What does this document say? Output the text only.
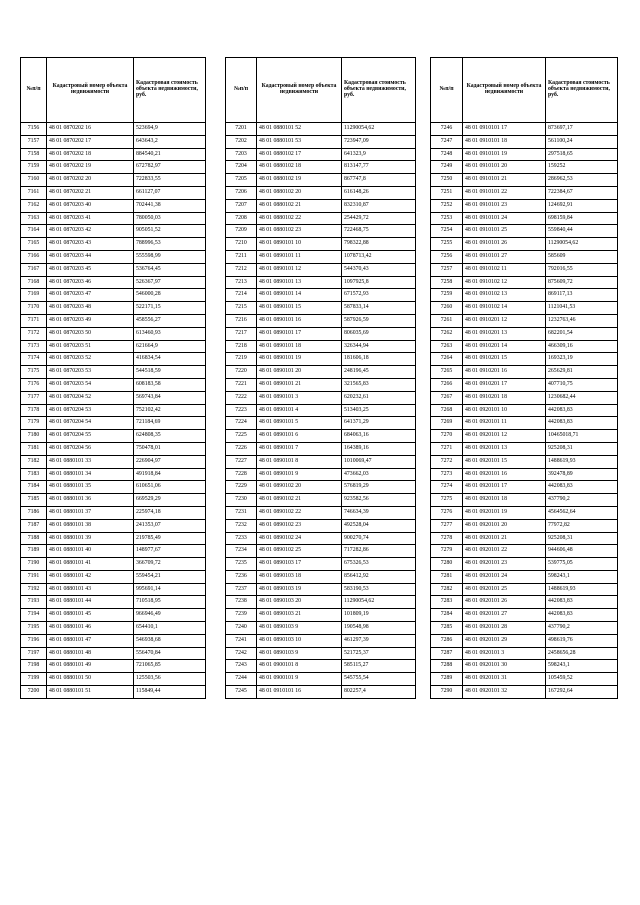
№п/п	Кадастровый номер объекта недвижимости	Кадастровая стоимость объекта недвижимости, руб.
7156	48 01 0870202 16	523694,9
7157	48 01 0870202 17	643643,2
7158	48 01 0870202 18	884540,21
7159	48 01 0870202 19	672782,97
7160	48 01 0870202 20	722833,55
7161	48 01 0870202 21	661127,07
7162	48 01 0870203 40	702441,38
7163	48 01 0870203 41	780050,03
7164	48 01 0870203 42	905051,52
7165	48 01 0870203 43	788996,53
7166	48 01 0870203 44	555598,99
7167	48 01 0870203 45	536764,45
7168	48 01 0870203 46	526367,97
7169	48 01 0870203 47	546000,28
7170	48 01 0870203 48	522171,15
7171	48 01 0870203 49	458556,27
7172	48 01 0870203 50	613460,93
7173	48 01 0870203 51	621664,9
7174	48 01 0870203 52	416834,54
7175	48 01 0870203 53	544518,59
7176	48 01 0870203 54	608183,58
7177	48 01 0870204 52	569743,84
7178	48 01 0870204 53	752102,42
7179	48 01 0870204 54	721184,69
7180	48 01 0870204 55	624808,35
7181	48 01 0870204 56	750478,01
7182	48 01 0880101 33	226904,97
7183	48 01 0880101 34	491918,84
7184	48 01 0880101 35	610651,06
7185	48 01 0880101 36	669529,29
7186	48 01 0880101 37	225974,18
7187	48 01 0880101 38	241353,07
7188	48 01 0880101 39	219785,49
7189	48 01 0880101 40	148977,67
7190	48 01 0880101 41	366709,72
7191	48 01 0880101 42	559454,21
7192	48 01 0880101 43	995691,14
7193	48 01 0880101 44	710518,95
7194	48 01 0880101 45	966946,49
7195	48 01 0880101 46	654410,1
7196	48 01 0880101 47	546938,68
7197	48 01 0880101 48	556470,84
7198	48 01 0880101 49	721065,85
7199	48 01 0880101 50	125503,56
7200	48 01 0880101 51	115849,44
№п/п	Кадастровый номер объекта недвижимости	Кадастровая стоимость объекта недвижимости, руб.
7201	48 01 0880101 52	11290054,62
7202	48 01 0880101 53	723947,09
7203	48 01 0880102 17	641323,9
7204	48 01 0880102 18	813147,77
7205	48 01 0880102 19	867747,8
7206	48 01 0880102 20	616148,26
7207	48 01 0880102 21	832310,87
7208	48 01 0880102 22	254429,72
7209	48 01 0880102 23	722468,75
7210	48 01 0890101 10	798322,88
7211	48 01 0890101 11	1078713,42
7212	48 01 0890101 12	544370,43
7213	48 01 0890101 13	1097925,8
7214	48 01 0890101 14	671572,93
7215	48 01 0890101 15	587833,14
7216	48 01 0890101 16	587926,59
7217	48 01 0890101 17	806035,69
7218	48 01 0890101 18	326344,94
7219	48 01 0890101 19	181606,18
7220	48 01 0890101 20	248196,45
7221	48 01 0890101 21	321565,83
7222	48 01 0890101 3	620232,61
7223	48 01 0890101 4	513403,25
7224	48 01 0890101 5	641371,29
7225	48 01 0890101 6	684063,16
7226	48 01 0890101 7	164389,16
7227	48 01 0890101 8	1010069,47
7228	48 01 0890101 9	473662,03
7229	48 01 0890102 20	576819,29
7230	48 01 0890102 21	923582,56
7231	48 01 0890102 22	746634,39
7232	48 01 0890102 23	492528,04
7233	48 01 0890102 24	900270,74
7234	48 01 0890102 25	717282,86
7235	48 01 0890103 17	675326,53
7236	48 01 0890103 18	856412,92
7237	48 01 0890103 19	583190,53
7238	48 01 0890103 20	11290054,62
7239	48 01 0890103 21	101809,19
7240	48 01 0890103 9	190548,98
7241	48 01 0890103 10	461297,39
7242	48 01 0890103 9	521725,37
7243	48 01 0900101 8	585115,27
7244	48 01 0900101 9	545755,54
7245	48 01 0910101 16	802257,4
№п/п	Кадастровый номер объекта недвижимости	Кадастровая стоимость объекта недвижимости, руб.
7246	48 01 0910101 17	873697,17
7247	48 01 0910101 18	561100,24
7248	48 01 0910101 19	297518,65
7249	48 01 0910101 20	159252
7250	48 01 0910101 21	286962,53
7251	48 01 0910101 22	722384,67
7252	48 01 0910101 23	124692,91
7253	48 01 0910101 24	698159,84
7254	48 01 0910101 25	559840,44
7255	48 01 0910101 26	11290054,62
7256	48 01 0910101 27	585609
7257	48 01 0910102 11	792016,55
7258	48 01 0910102 12	875609,72
7259	48 01 0910102 13	869117,13
7260	48 01 0910102 14	1121041,53
7261	48 01 0910201 12	1232763,46
7262	48 01 0910201 13	682201,54
7263	48 01 0910201 14	466309,16
7264	48 01 0910201 15	169323,19
7265	48 01 0910201 16	265629,81
7266	48 01 0910201 17	407710,75
7267	48 01 0910201 18	1230682,44
7268	48 01 0920101 10	442083,83
7269	48 01 0920101 11	442083,83
7270	48 01 0920101 12	10465018,71
7271	48 01 0920101 13	925208,31
7272	48 01 0920101 15	1488619,93
7273	48 01 0920101 16	392478,89
7274	48 01 0920101 17	442083,83
7275	48 01 0920101 18	437790,2
7276	48 01 0920101 19	4564562,64
7277	48 01 0920101 20	77972,82
7278	48 01 0920101 21	925208,31
7279	48 01 0920101 22	944606,48
7280	48 01 0920101 23	539775,05
7281	48 01 0920101 24	598243,1
7282	48 01 0920101 25	1488619,93
7283	48 01 0920101 26	442083,83
7284	48 01 0920101 27	442083,83
7285	48 01 0920101 28	437790,2
7286	48 01 0920101 29	498619,76
7287	48 01 0920101 3	2458656,28
7288	48 01 0920101 30	598243,1
7289	48 01 0920101 31	105459,52
7290	48 01 0920101 32	167292,64
